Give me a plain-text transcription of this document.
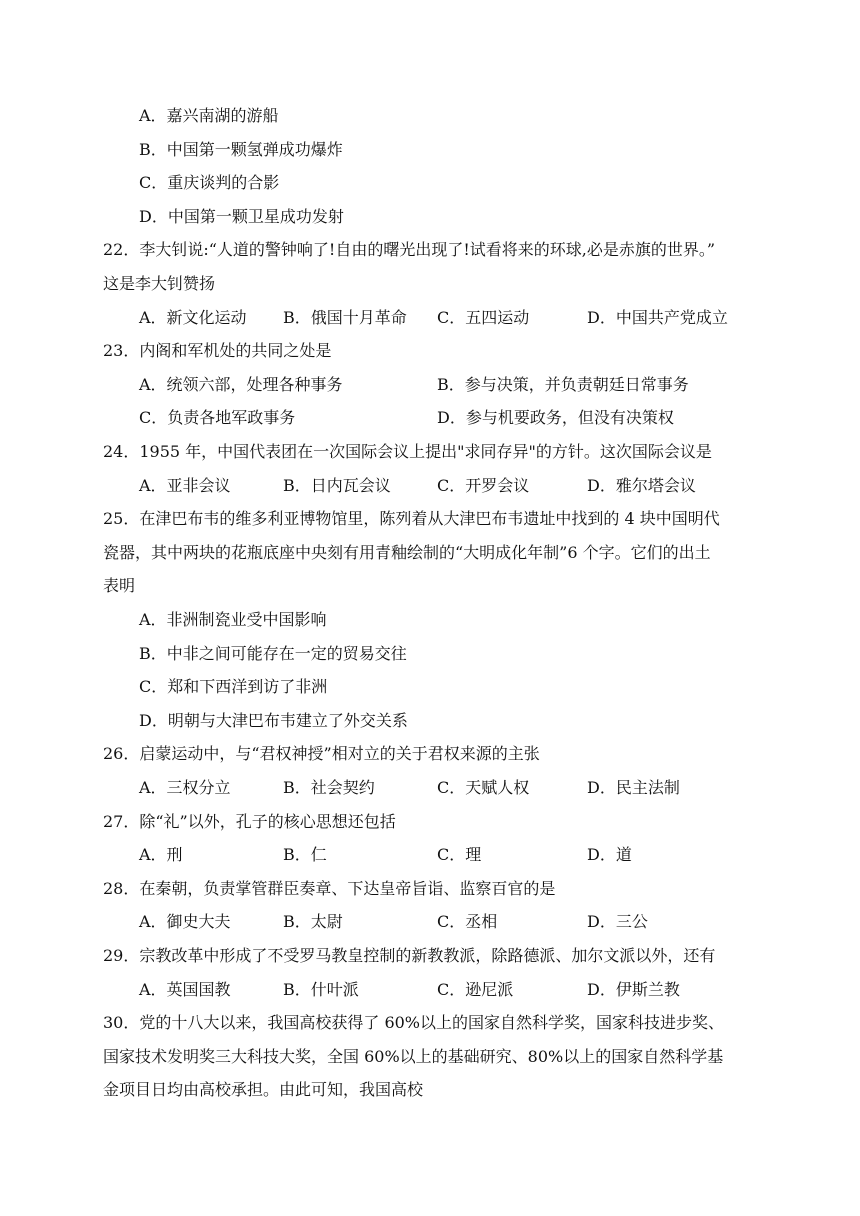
A．嘉兴南湖的游船
B．中国第一颗氢弹成功爆炸
C．重庆谈判的合影
D．中国第一颗卫星成功发射
22．李大钊说:“人道的警钟响了!自由的曙光出现了!试看将来的环球,必是赤旗的世界。”
这是李大钊赞扬
A．新文化运动 B．俄国十月革命 C．五四运动	D．中国共产党成立
23．内阁和军机处的共同之处是
A．统领六部，处理各种事务	B．参与决策，并负责朝廷日常事务
C．负责各地军政事务	D．参与机要政务，但没有决策权
24．1955 年，中国代表团在一次国际会议上提出"求同存异"的方针。这次国际会议是
A．亚非会议	B．日内瓦会议	C．开罗会议	D．雅尔塔会议
25．在津巴布韦的维多利亚博物馆里，陈列着从大津巴布韦遗址中找到的 4 块中国明代
瓷器，其中两块的花瓶底座中央刻有用青釉绘制的“大明成化年制”6 个字。它们的出土
表明
A．非洲制瓷业受中国影响
B．中非之间可能存在一定的贸易交往
C．郑和下西洋到访了非洲
D．明朝与大津巴布韦建立了外交关系
26．启蒙运动中，与“君权神授”相对立的关于君权来源的主张
A．三权分立	B．社会契约	C．天赋人权	D．民主法制
27．除“礼”以外，孔子的核心思想还包括
A．刑	B．仁	C．理	D．道
28．在秦朝，负责掌管群臣奏章、下达皇帝旨诣、监察百官的是
A．御史大夫	B．太尉	C．丞相	D．三公
29．宗教改革中形成了不受罗马教皇控制的新教教派，除路德派、加尔文派以外，还有
A．英国国教	B．什叶派	C．逊尼派	D．伊斯兰教
30．党的十八大以来，我国高校获得了 60%以上的国家自然科学奖，国家科技进步奖、
国家技术发明奖三大科技大奖，全国 60%以上的基础研究、80%以上的国家自然科学基
金项目日均由高校承担。由此可知，我国高校
